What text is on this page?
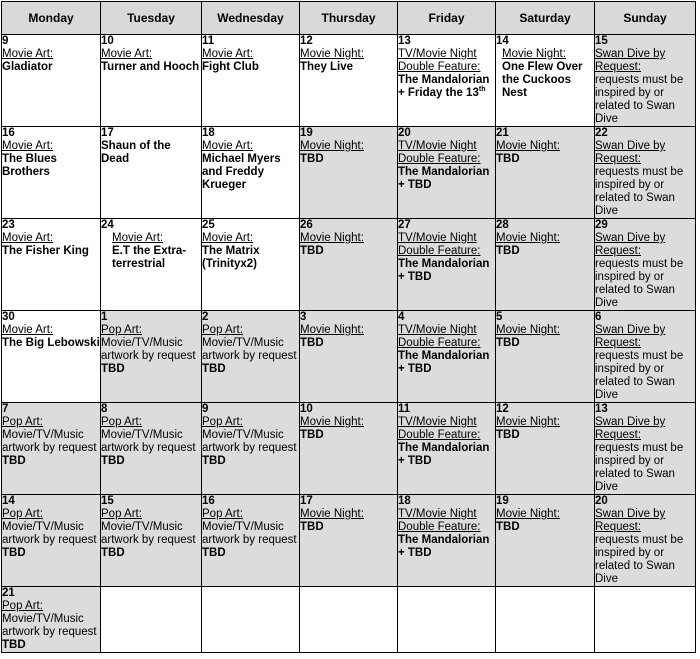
Monday	Tuesday	Wednesday	Thursday	Friday	Saturday	Sunday

9
Movie Art:
Gladiator	10
Movie Art:
Turner and Hooch	11
Movie Art:
Fight Club	12
Movie Night:
They Live	13
TV/Movie Night Double Feature:
The Mandalorian + Friday the 13th	14
Movie Night:
One Flew Over the Cuckoos Nest	15
Swan Dive by Request:
requests must be inspired by or related to Swan Dive

16
Movie Art:
The Blues Brothers	17
Shaun of the Dead	18
Movie Art:
Michael Myers and Freddy Krueger	19
Movie Night:
TBD	20
TV/Movie Night Double Feature:
The Mandalorian + TBD	21
Movie Night:
TBD	22
Swan Dive by Request:
requests must be inspired by or related to Swan Dive

23
Movie Art:
The Fisher King	24
Movie Art:
E.T the Extra-terrestrial	25
Movie Art:
The Matrix (Trinityx2)	26
Movie Night:
TBD	27
TV/Movie Night Double Feature:
The Mandalorian + TBD	28
Movie Night:
TBD	29
Swan Dive by Request:
requests must be inspired by or related to Swan Dive

30
Movie Art:
The Big Lebowski	1
Pop Art:
Movie/TV/Music artwork by request
TBD	2
Pop Art:
Movie/TV/Music artwork by request
TBD	3
Movie Night:
TBD	4
TV/Movie Night Double Feature:
The Mandalorian + TBD	5
Movie Night:
TBD	6
Swan Dive by Request:
requests must be inspired by or related to Swan Dive

7
Pop Art:
Movie/TV/Music artwork by request
TBD	8
Pop Art:
Movie/TV/Music artwork by request
TBD	9
Pop Art:
Movie/TV/Music artwork by request
TBD	10
Movie Night:
TBD	11
TV/Movie Night Double Feature:
The Mandalorian + TBD	12
Movie Night:
TBD	13
Swan Dive by Request:
requests must be inspired by or related to Swan Dive

14
Pop Art:
Movie/TV/Music artwork by request
TBD	15
Pop Art:
Movie/TV/Music artwork by request
TBD	16
Pop Art:
Movie/TV/Music artwork by request
TBD	17
Movie Night:
TBD	18
TV/Movie Night Double Feature:
The Mandalorian + TBD	19
Movie Night:
TBD	20
Swan Dive by Request:
requests must be inspired by or related to Swan Dive

21
Pop Art:
Movie/TV/Music artwork by request
TBD						
